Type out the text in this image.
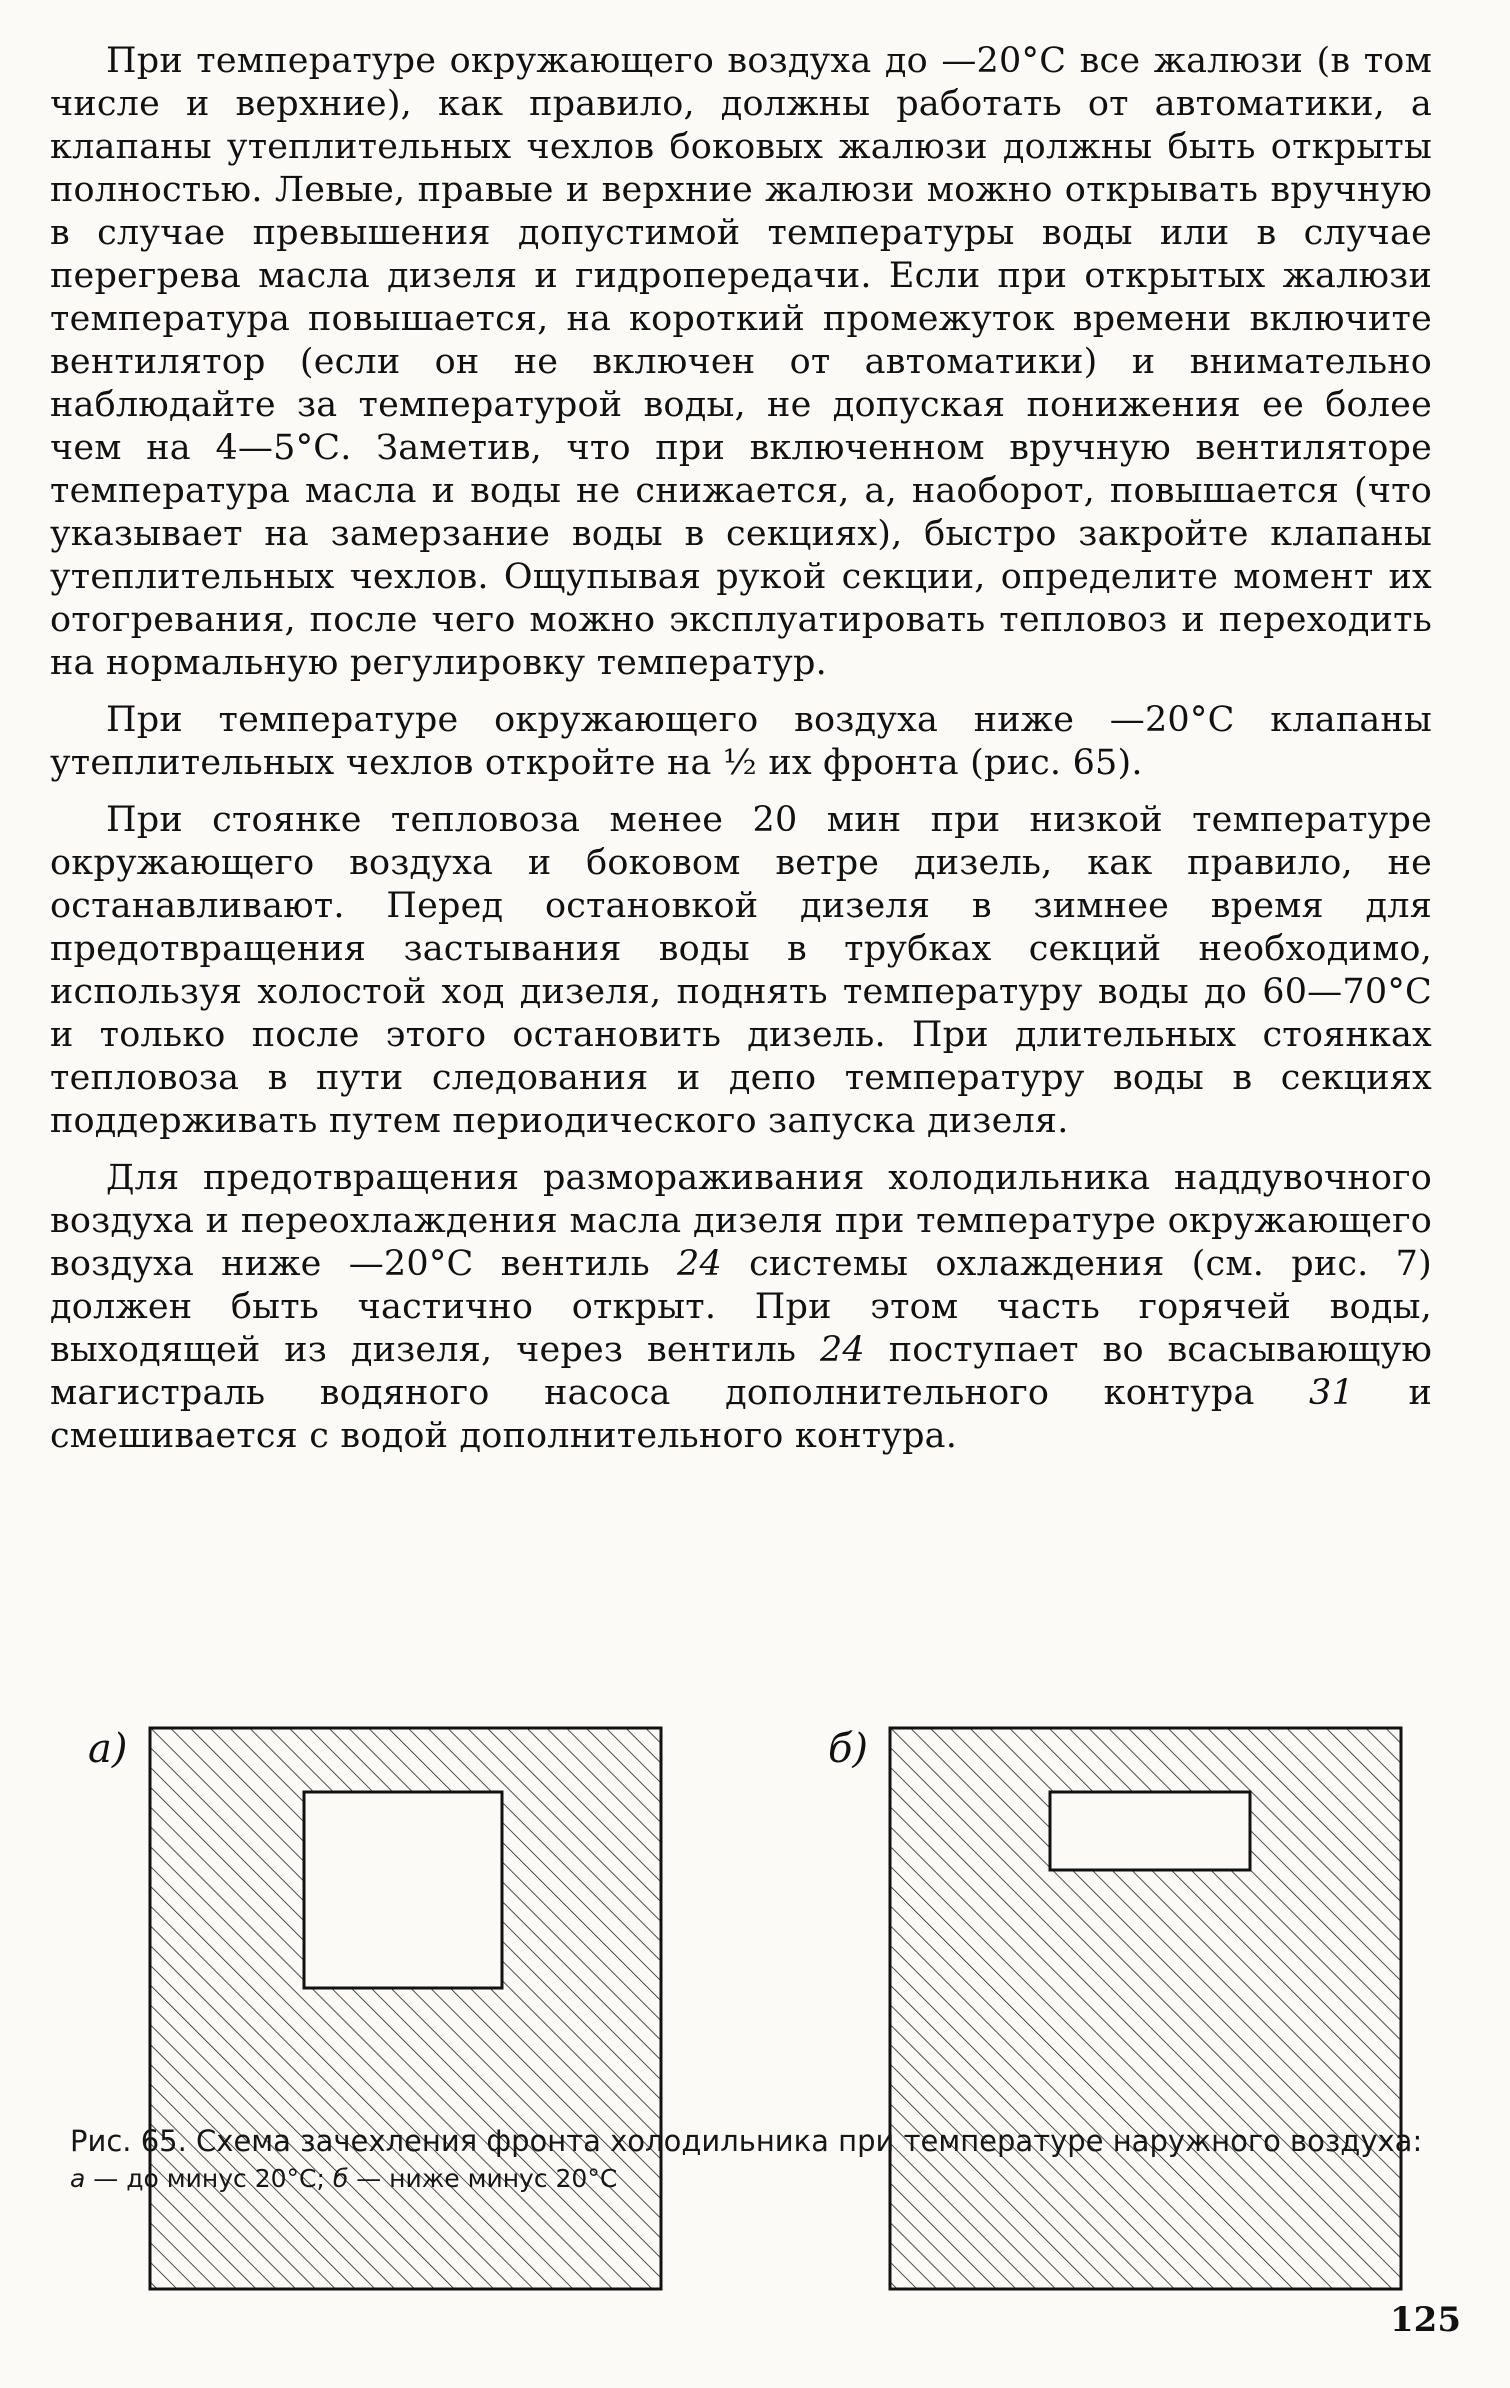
При температуре окружающего воздуха до —20°С все жалюзи (в том числе и верхние), как правило, должны работать от автоматики, а клапаны утеплительных чехлов боковых жалюзи должны быть открыты полностью. Левые, правые и верхние жалюзи можно открывать вручную в случае превышения допустимой температуры воды или в случае перегрева масла дизеля и гидропередачи. Если при открытых жалюзи температура повышается, на короткий промежуток времени включите вентилятор (если он не включен от автоматики) и внимательно наблюдайте за температурой воды, не допуская понижения ее более чем на 4—5°С. Заметив, что при включенном вручную вентиляторе температура масла и воды не снижается, а, наоборот, повышается (что указывает на замерзание воды в секциях), быстро закройте клапаны утеплительных чехлов. Ощупывая рукой секции, определите момент их отогревания, после чего можно эксплуатировать тепловоз и переходить на нормальную регулировку температур.

При температуре окружающего воздуха ниже —20°С клапаны утеплительных чехлов откройте на ½ их фронта (рис. 65).

При стоянке тепловоза менее 20 мин при низкой температуре окружающего воздуха и боковом ветре дизель, как правило, не останавливают. Перед остановкой дизеля в зимнее время для предотвращения застывания воды в трубках секций необходимо, используя холостой ход дизеля, поднять температуру воды до 60—70°С и только после этого остановить дизель. При длительных стоянках тепловоза в пути следования и депо температуру воды в секциях поддерживать путем периодического запуска дизеля.

Для предотвращения размораживания холодильника наддувочного воздуха и переохлаждения масла дизеля при температуре окружающего воздуха ниже —20°С вентиль 24 системы охлаждения (см. рис. 7) должен быть частично открыт. При этом часть горячей воды, выходящей из дизеля, через вентиль 24 поступает во всасывающую магистраль водяного насоса дополнительного контура 31 и смешивается с водой дополнительного контура.

а)	б)
Рис. 65. Схема зачехления фронта холодильника при температуре наружного воздуха:
а — до минус 20°С; б — ниже минус 20°С
125
